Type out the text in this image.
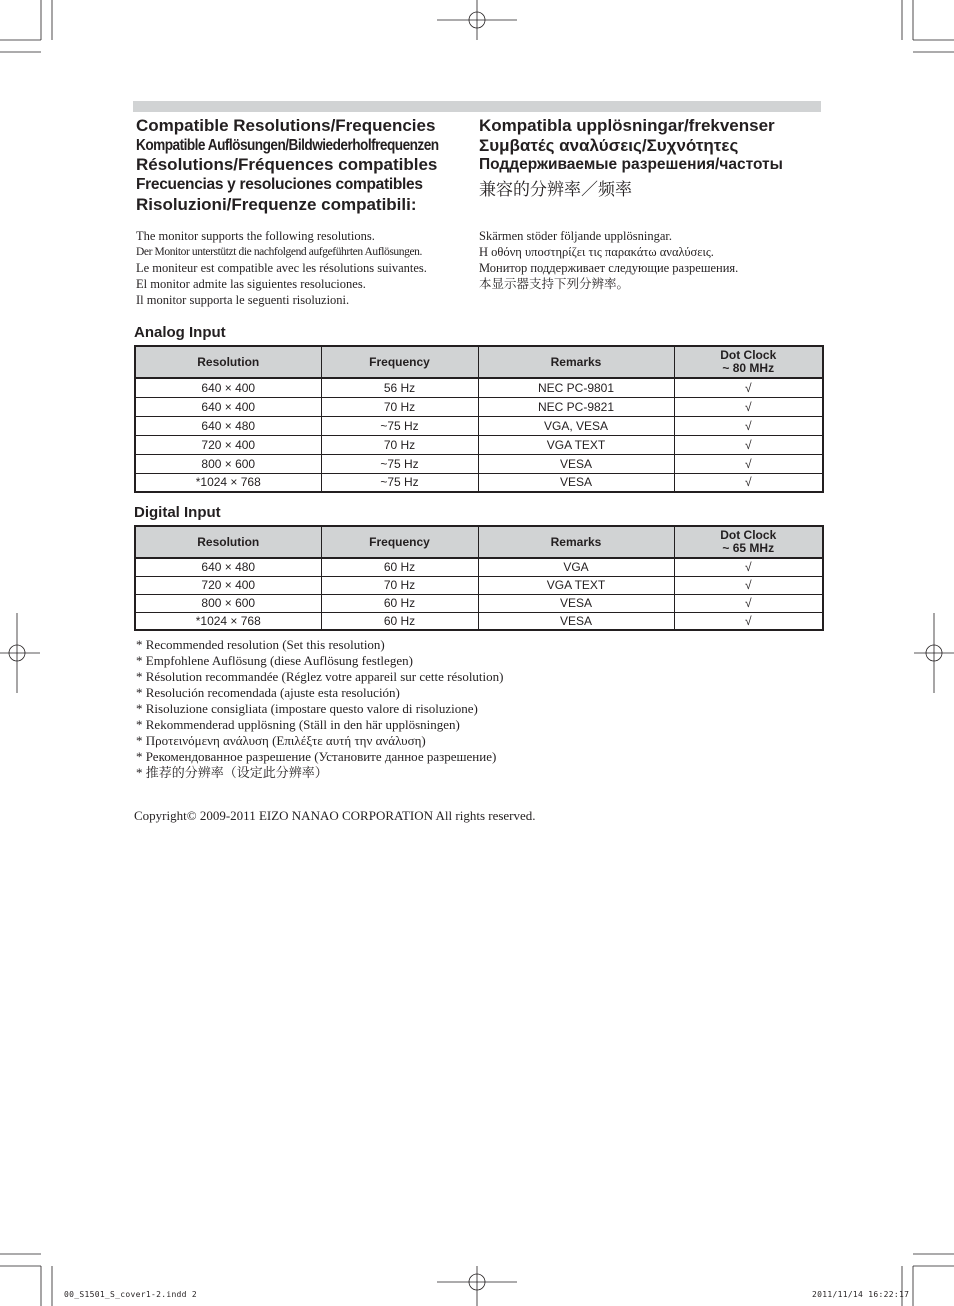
Compatible Resolutions/Frequencies
Kompatible Auflösungen/Bildwiederholfrequenzen
Résolutions/Fréquences compatibles
Frecuencias y resoluciones compatibles
Risoluzioni/Frequenze compatibili:
Kompatibla upplösningar/frekvenser
Συμβατές αναλύσεις/Συχνότητες
Поддерживаемые разрешения/частоты
兼容的分辨率／频率
The monitor supports the following resolutions.
Der Monitor unterstützt die nachfolgend aufgeführten Auflösungen.
Le moniteur est compatible avec les résolutions suivantes.
El monitor admite las siguientes resoluciones.
Il monitor supporta le seguenti risoluzioni.
Skärmen stöder följande upplösningar.
Η οθόνη υποστηρίζει τις παρακάτω αναλύσεις.
Монитор поддерживает следующие разрешения.
本显示器支持下列分辨率。
Analog Input
Resolution	Frequency	Remarks	Dot Clock
~ 80 MHz

640 × 400	56 Hz	NEC PC-9801	√
640 × 400	70 Hz	NEC PC-9821	√
640 × 480	~75 Hz	VGA, VESA	√
720 × 400	70 Hz	VGA TEXT	√
800 × 600	~75 Hz	VESA	√
*1024 × 768	~75 Hz	VESA	√
Digital Input
Resolution	Frequency	Remarks	Dot Clock
~ 65 MHz

640 × 480	60 Hz	VGA	√
720 × 400	70 Hz	VGA TEXT	√
800 × 600	60 Hz	VESA	√
*1024 × 768	60 Hz	VESA	√
* Recommended resolution (Set this resolution)
* Empfohlene Auflösung (diese Auflösung festlegen)
* Résolution recommandée (Réglez votre appareil sur cette résolution)
* Resolución recomendada (ajuste esta resolución)
* Risoluzione consigliata (impostare questo valore di risoluzione)
* Rekommenderad upplösning (Ställ in den här upplösningen)
* Προτεινόμενη ανάλυση (Επιλέξτε αυτή την ανάλυση)
* Рекомендованное разрешение (Установите данное разрешение)
* 推荐的分辨率（设定此分辨率）
Copyright© 2009-2011 EIZO NANAO CORPORATION All rights reserved.
00_S1501_S_cover1-2.indd 2	2011/11/14 16:22:17
